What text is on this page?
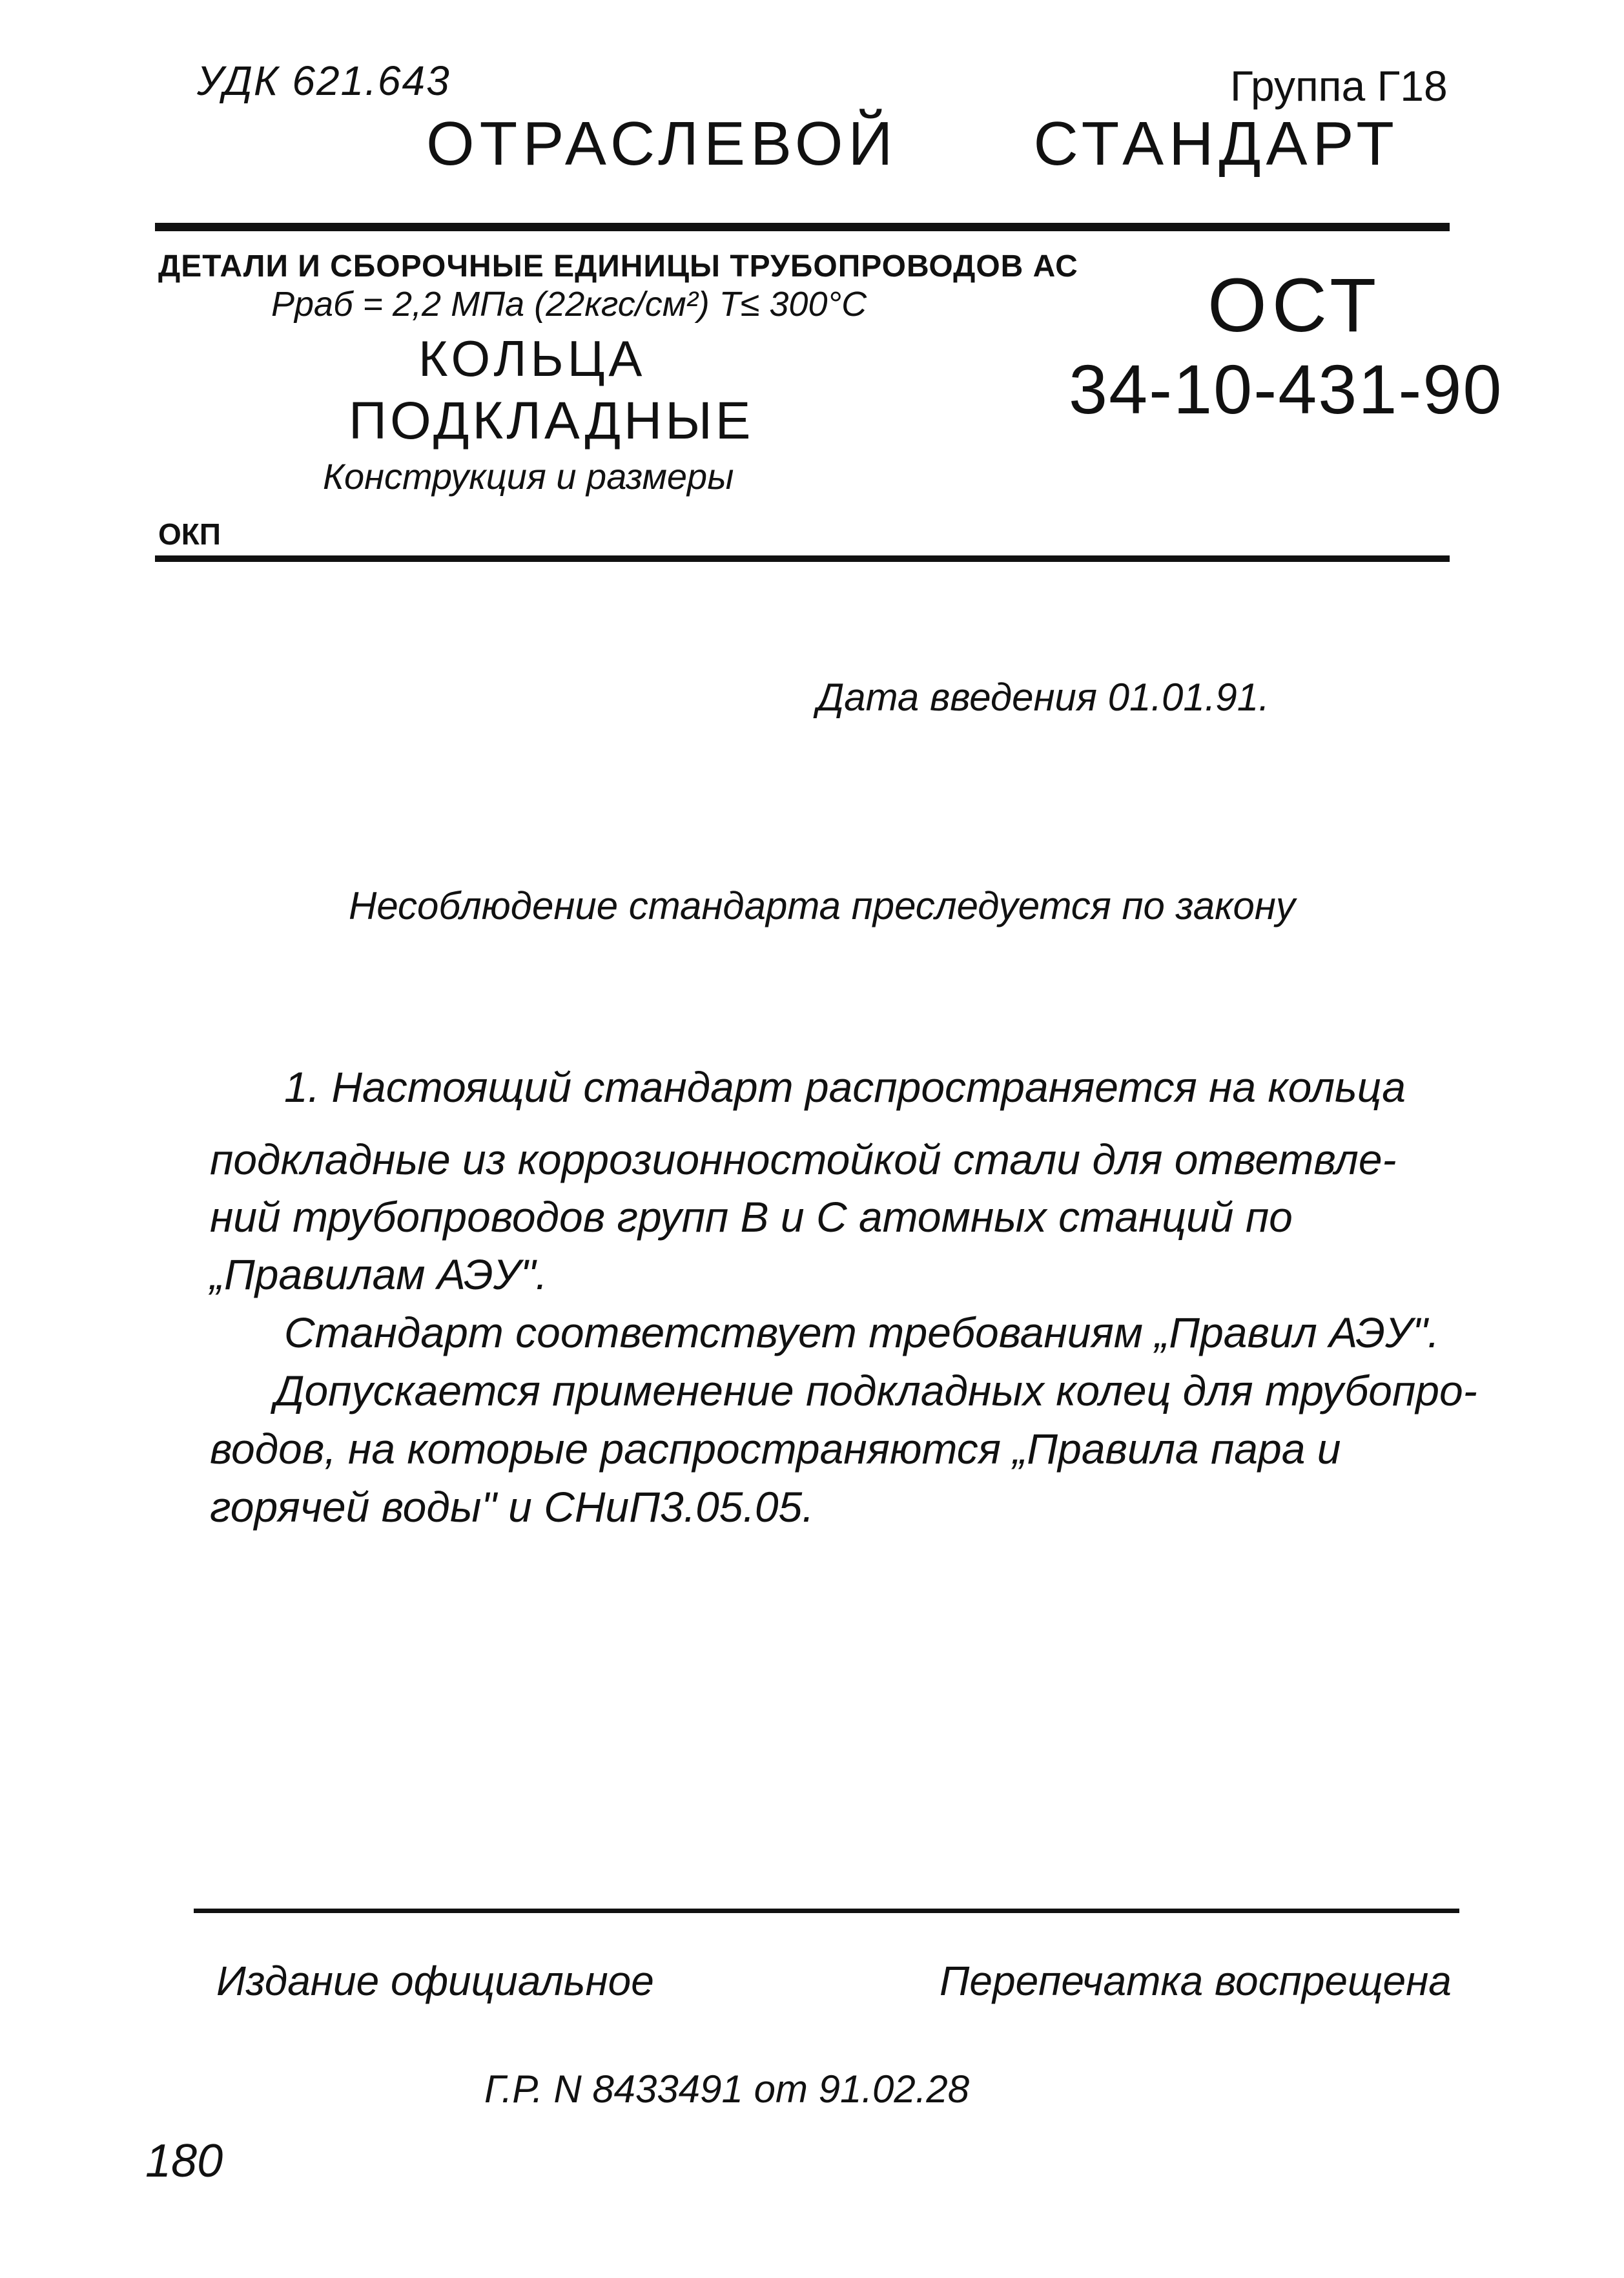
УДК 621.643	Группа Г18
ОТРАСЛЕВОЙ СТАНДАРТ
ДЕТАЛИ И СБОРОЧНЫЕ ЕДИНИЦЫ ТРУБОПРОВОДОВ АС
Pраб = 2,2 МПа (22кгс/см²) T≤ 300°C
КОЛЬЦА
ПОДКЛАДНЫЕ
Конструкция и размеры
ОКП
ОСТ
34-10-431-90
Дата введения 01.01.91.
Несоблюдение стандарта преследуется по закону
1. Настоящий стандарт распространяется на кольца
подкладные из коррозионностойкой стали для ответвле-
ний трубопроводов групп В и С атомных станций по
„Правилам АЭУ".
Стандарт соответствует требованиям „Правил АЭУ".
Допускается применение подкладных колец для трубопро-
водов, на которые распространяются „Правила пара и
горячей воды" и СНиП3.05.05.
Издание официальное	Перепечатка воспрещена
Г.Р. N 8433491 от 91.02.28
180
